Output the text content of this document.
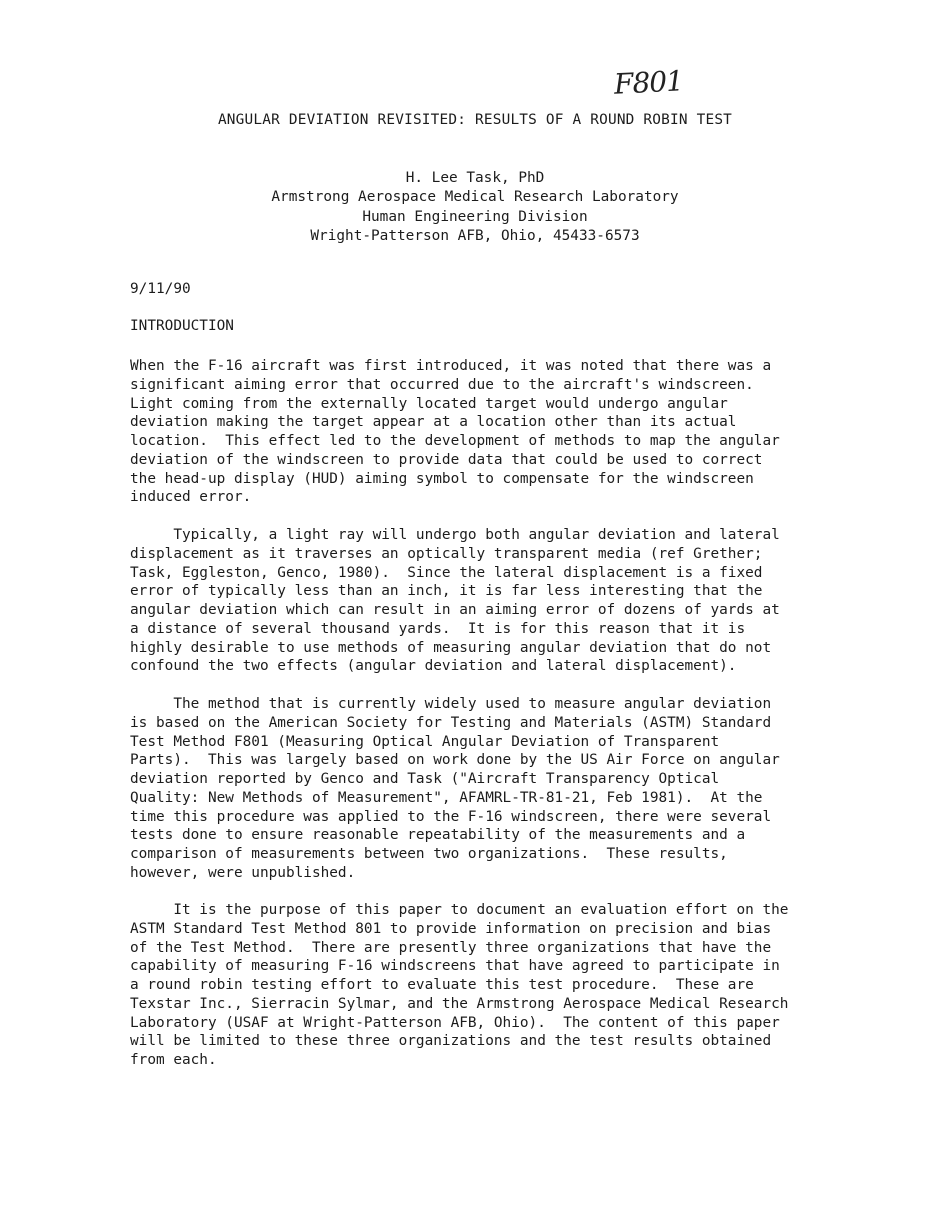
F801
ANGULAR DEVIATION REVISITED: RESULTS OF A ROUND ROBIN TEST
H. Lee Task, PhD
Armstrong Aerospace Medical Research Laboratory
Human Engineering Division
Wright-Patterson AFB, Ohio, 45433-6573
9/11/90
INTRODUCTION
When the F-16 aircraft was first introduced, it was noted that there was a
significant aiming error that occurred due to the aircraft's windscreen.
Light coming from the externally located target would undergo angular
deviation making the target appear at a location other than its actual
location.  This effect led to the development of methods to map the angular
deviation of the windscreen to provide data that could be used to correct
the head-up display (HUD) aiming symbol to compensate for the windscreen
induced error.
Typically, a light ray will undergo both angular deviation and lateral
displacement as it traverses an optically transparent media (ref Grether;
Task, Eggleston, Genco, 1980).  Since the lateral displacement is a fixed
error of typically less than an inch, it is far less interesting that the
angular deviation which can result in an aiming error of dozens of yards at
a distance of several thousand yards.  It is for this reason that it is
highly desirable to use methods of measuring angular deviation that do not
confound the two effects (angular deviation and lateral displacement).
The method that is currently widely used to measure angular deviation
is based on the American Society for Testing and Materials (ASTM) Standard
Test Method F801 (Measuring Optical Angular Deviation of Transparent
Parts).  This was largely based on work done by the US Air Force on angular
deviation reported by Genco and Task ("Aircraft Transparency Optical
Quality: New Methods of Measurement", AFAMRL-TR-81-21, Feb 1981).  At the
time this procedure was applied to the F-16 windscreen, there were several
tests done to ensure reasonable repeatability of the measurements and a
comparison of measurements between two organizations.  These results,
however, were unpublished.
It is the purpose of this paper to document an evaluation effort on the
ASTM Standard Test Method 801 to provide information on precision and bias
of the Test Method.  There are presently three organizations that have the
capability of measuring F-16 windscreens that have agreed to participate in
a round robin testing effort to evaluate this test procedure.  These are
Texstar Inc., Sierracin Sylmar, and the Armstrong Aerospace Medical Research
Laboratory (USAF at Wright-Patterson AFB, Ohio).  The content of this paper
will be limited to these three organizations and the test results obtained
from each.
